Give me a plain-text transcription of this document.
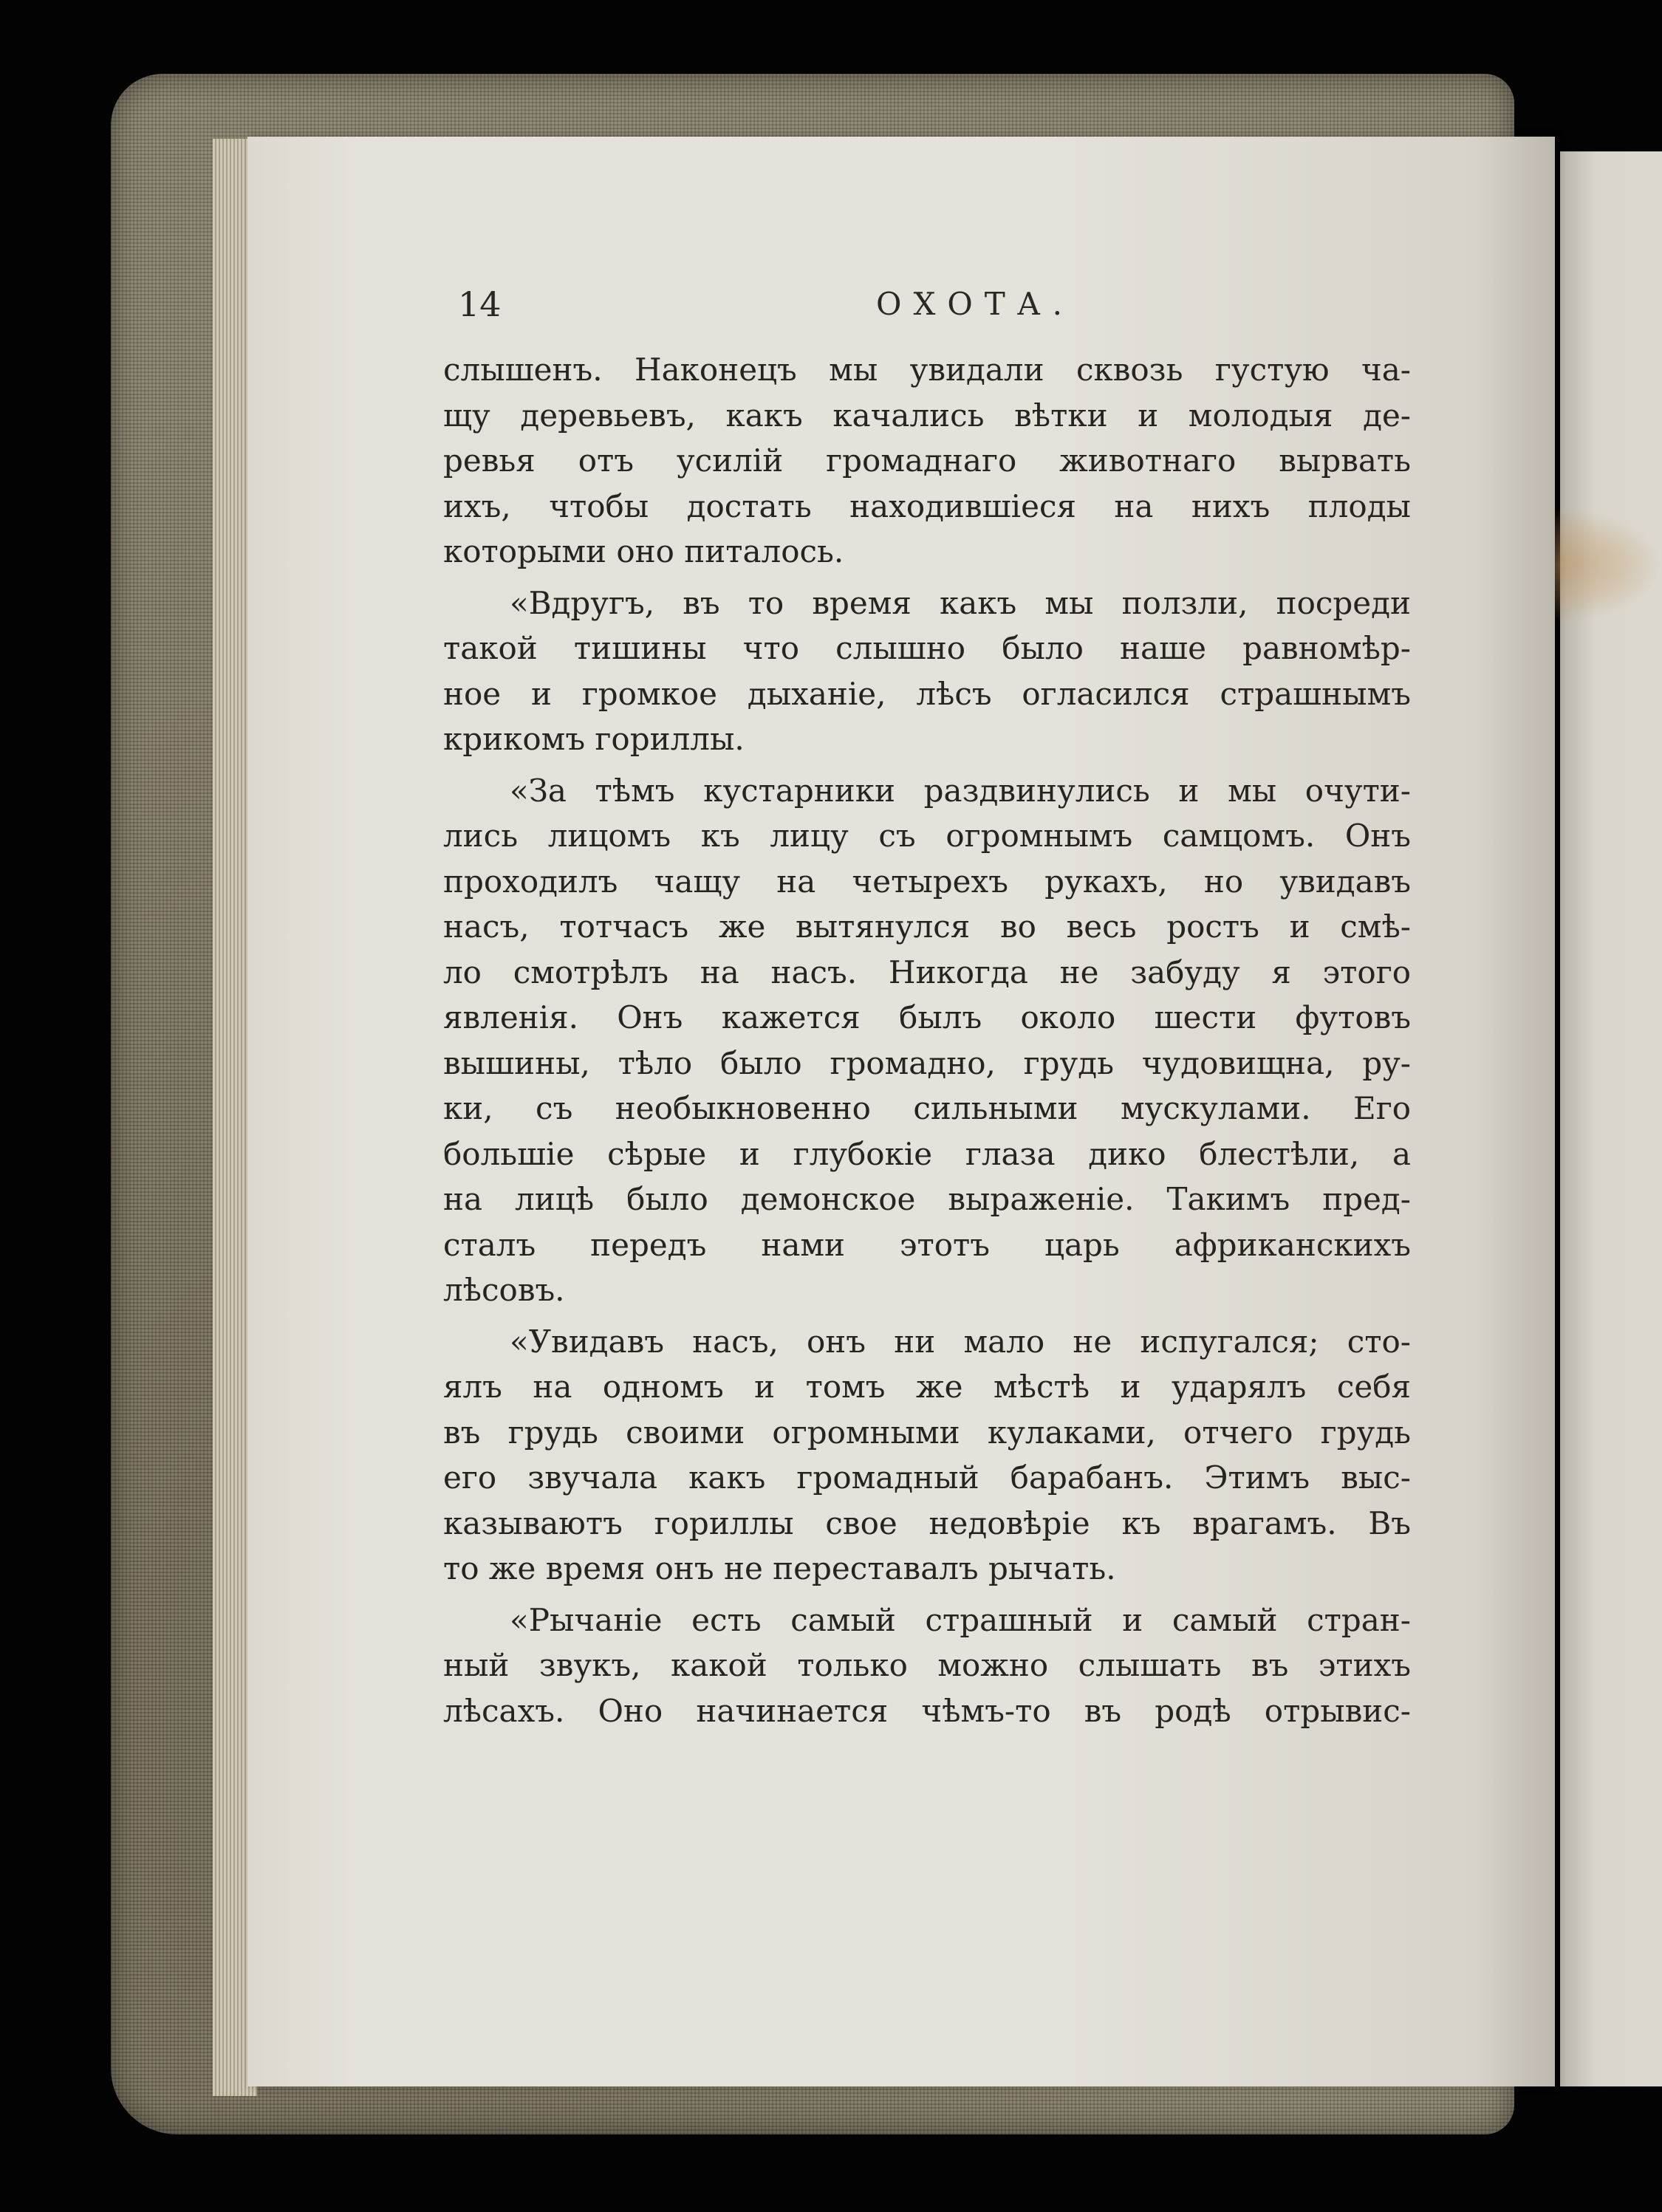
14	ОХОТА.
слышенъ. Наконецъ мы увидали сквозь густую ча-
щу деревьевъ, какъ качались вѣтки и молодыя де-
ревья отъ усилій громаднаго животнаго вырвать
ихъ, чтобы достать находившіеся на нихъ плоды
которыми оно питалось.
«Вдругъ, въ то время какъ мы ползли, посреди
такой тишины что слышно было наше равномѣр-
ное и громкое дыханіе, лѣсъ огласился страшнымъ
крикомъ гориллы.
«За тѣмъ кустарники раздвинулись и мы очути-
лись лицомъ къ лицу съ огромнымъ самцомъ. Онъ
проходилъ чащу на четырехъ рукахъ, но увидавъ
насъ, тотчасъ же вытянулся во весь ростъ и смѣ-
ло смотрѣлъ на насъ. Никогда не забуду я этого
явленія. Онъ кажется былъ около шести футовъ
вышины, тѣло было громадно, грудь чудовищна, ру-
ки, съ необыкновенно сильными мускулами. Его
большіе сѣрые и глубокіе глаза дико блестѣли, а
на лицѣ было демонское выраженіе. Такимъ пред-
сталъ передъ нами этотъ царь африканскихъ
лѣсовъ.
«Увидавъ насъ, онъ ни мало не испугался; сто-
ялъ на одномъ и томъ же мѣстѣ и ударялъ себя
въ грудь своими огромными кулаками, отчего грудь
его звучала какъ громадный барабанъ. Этимъ выс-
казываютъ гориллы свое недовѣріе къ врагамъ. Въ
то же время онъ не переставалъ рычать.
«Рычаніе есть самый страшный и самый стран-
ный звукъ, какой только можно слышать въ этихъ
лѣсахъ. Оно начинается чѣмъ-то въ родѣ отрывис-
